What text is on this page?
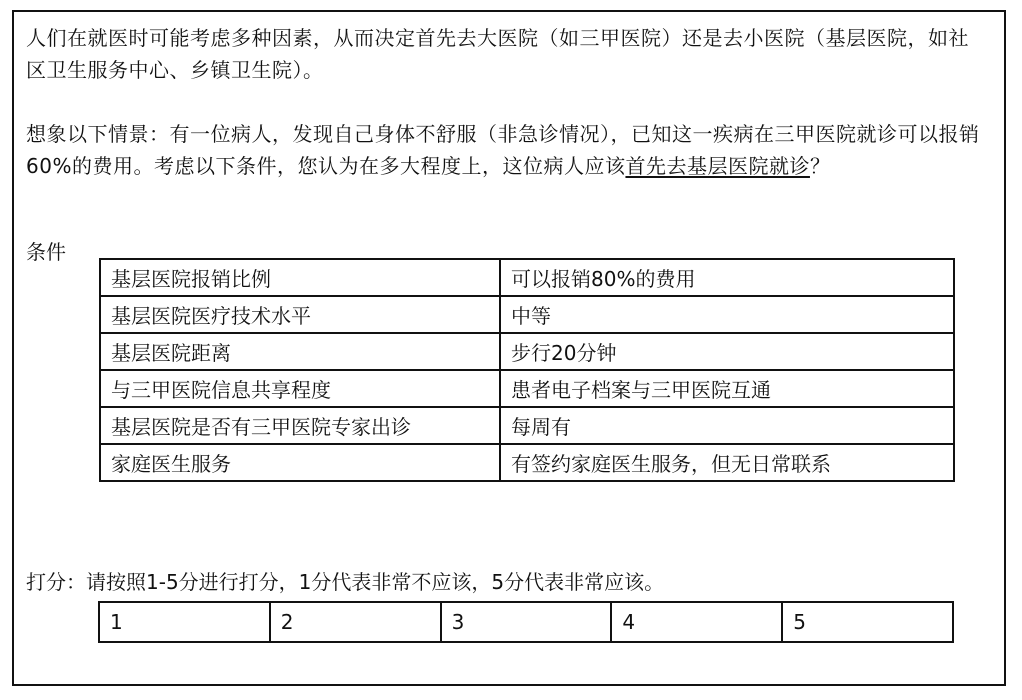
人们在就医时可能考虑多种因素，从而决定首先去大医院（如三甲医院）还是去小医院（基层医院，如社区卫生服务中心、乡镇卫生院）。
想象以下情景：有一位病人，发现自己身体不舒服（非急诊情况），已知这一疾病在三甲医院就诊可以报销60%的费用。考虑以下条件，您认为在多大程度上，这位病人应该首先去基层医院就诊？
条件
基层医院报销比例	可以报销80%的费用
基层医院医疗技术水平	中等
基层医院距离	步行20分钟
与三甲医院信息共享程度	患者电子档案与三甲医院互通
基层医院是否有三甲医院专家出诊	每周有
家庭医生服务	有签约家庭医生服务，但无日常联系
打分：请按照1-5分进行打分，1分代表非常不应该，5分代表非常应该。
1	2	3	4	5
